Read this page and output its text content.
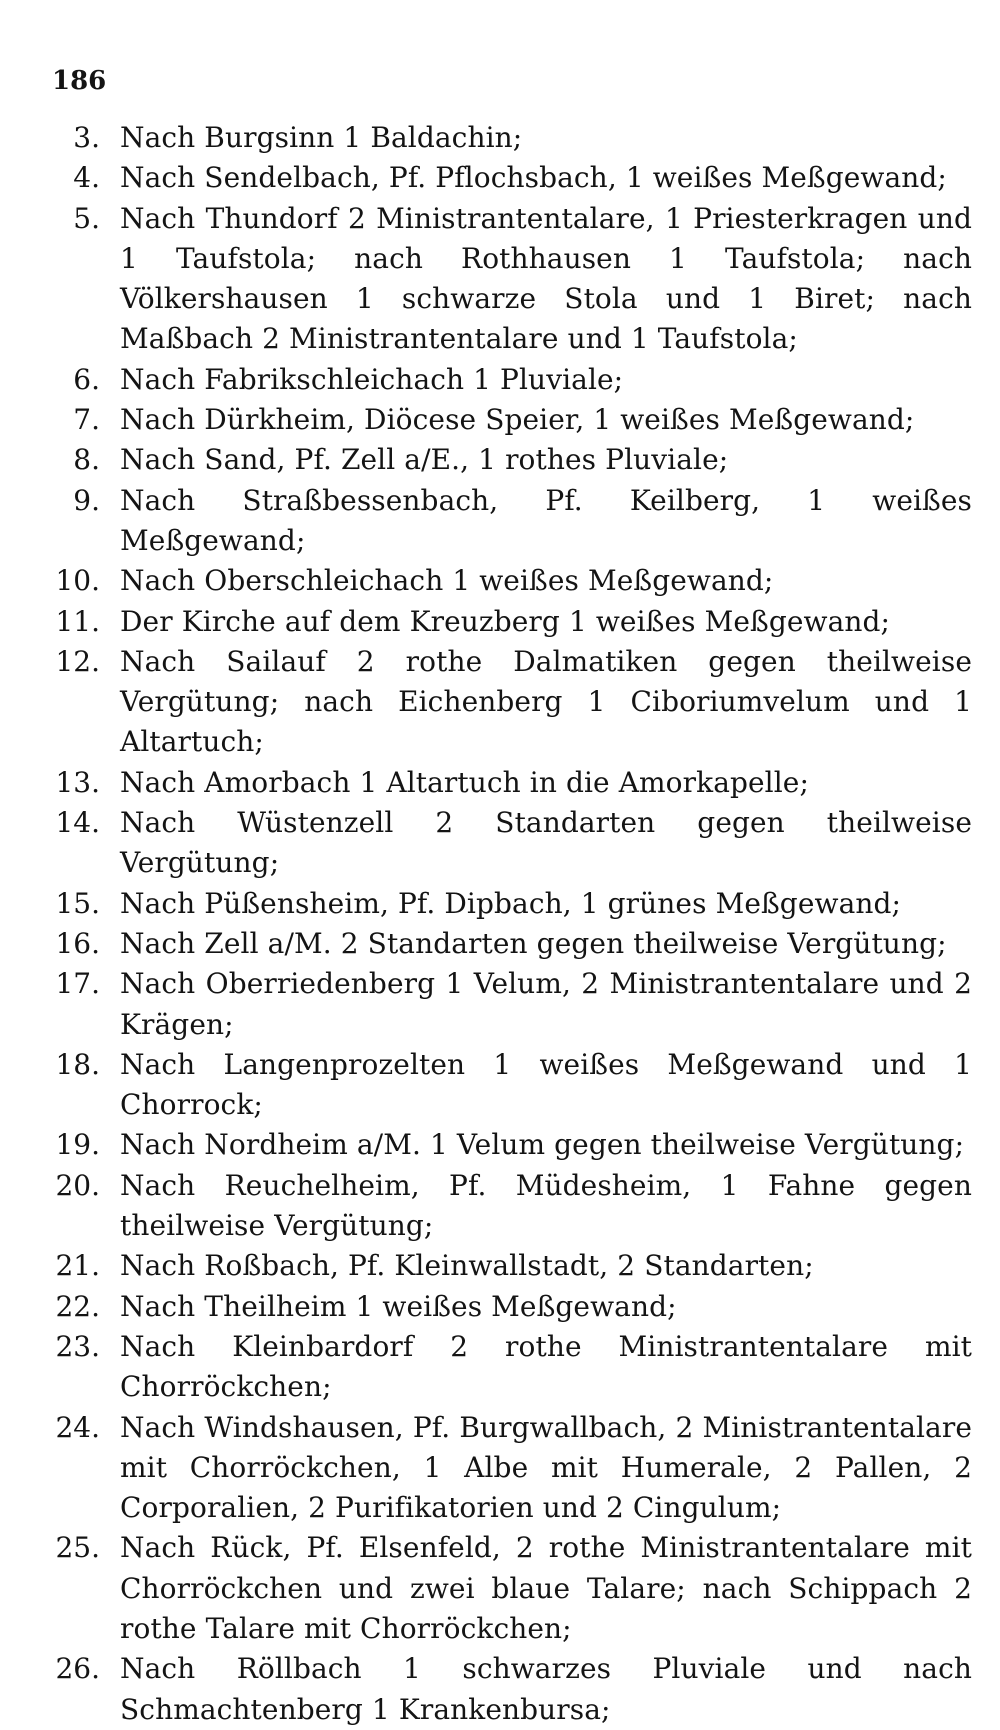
186
3. Nach Burgsinn 1 Baldachin;
4. Nach Sendelbach, Pf. Pflochsbach, 1 weißes Meßgewand;
5. Nach Thundorf 2 Ministrantentalare, 1 Priesterkragen und 1 Taufstola; nach Rothhausen 1 Taufstola; nach Völkershausen 1 schwarze Stola und 1 Biret; nach Maßbach 2 Ministrantentalare und 1 Taufstola;
6. Nach Fabrikschleichach 1 Pluviale;
7. Nach Dürkheim, Diöcese Speier, 1 weißes Meßgewand;
8. Nach Sand, Pf. Zell a/E., 1 rothes Pluviale;
9. Nach Straßbessenbach, Pf. Keilberg, 1 weißes Meßgewand;
10. Nach Oberschleichach 1 weißes Meßgewand;
11. Der Kirche auf dem Kreuzberg 1 weißes Meßgewand;
12. Nach Sailauf 2 rothe Dalmatiken gegen theilweise Vergütung; nach Eichenberg 1 Ciboriumvelum und 1 Altartuch;
13. Nach Amorbach 1 Altartuch in die Amorkapelle;
14. Nach Wüstenzell 2 Standarten gegen theilweise Vergütung;
15. Nach Püßensheim, Pf. Dipbach, 1 grünes Meßgewand;
16. Nach Zell a/M. 2 Standarten gegen theilweise Vergütung;
17. Nach Oberriedenberg 1 Velum, 2 Ministrantentalare und 2 Krägen;
18. Nach Langenprozelten 1 weißes Meßgewand und 1 Chorrock;
19. Nach Nordheim a/M. 1 Velum gegen theilweise Vergütung;
20. Nach Reuchelheim, Pf. Müdesheim, 1 Fahne gegen theilweise Vergütung;
21. Nach Roßbach, Pf. Kleinwallstadt, 2 Standarten;
22. Nach Theilheim 1 weißes Meßgewand;
23. Nach Kleinbardorf 2 rothe Ministrantentalare mit Chorröckchen;
24. Nach Windshausen, Pf. Burgwallbach, 2 Ministrantentalare mit Chorröckchen, 1 Albe mit Humerale, 2 Pallen, 2 Corporalien, 2 Purifikatorien und 2 Cingulum;
25. Nach Rück, Pf. Elsenfeld, 2 rothe Ministrantentalare mit Chorröckchen und zwei blaue Talare; nach Schippach 2 rothe Talare mit Chorröckchen;
26. Nach Röllbach 1 schwarzes Pluviale und nach Schmachtenberg 1 Krankenbursa;
